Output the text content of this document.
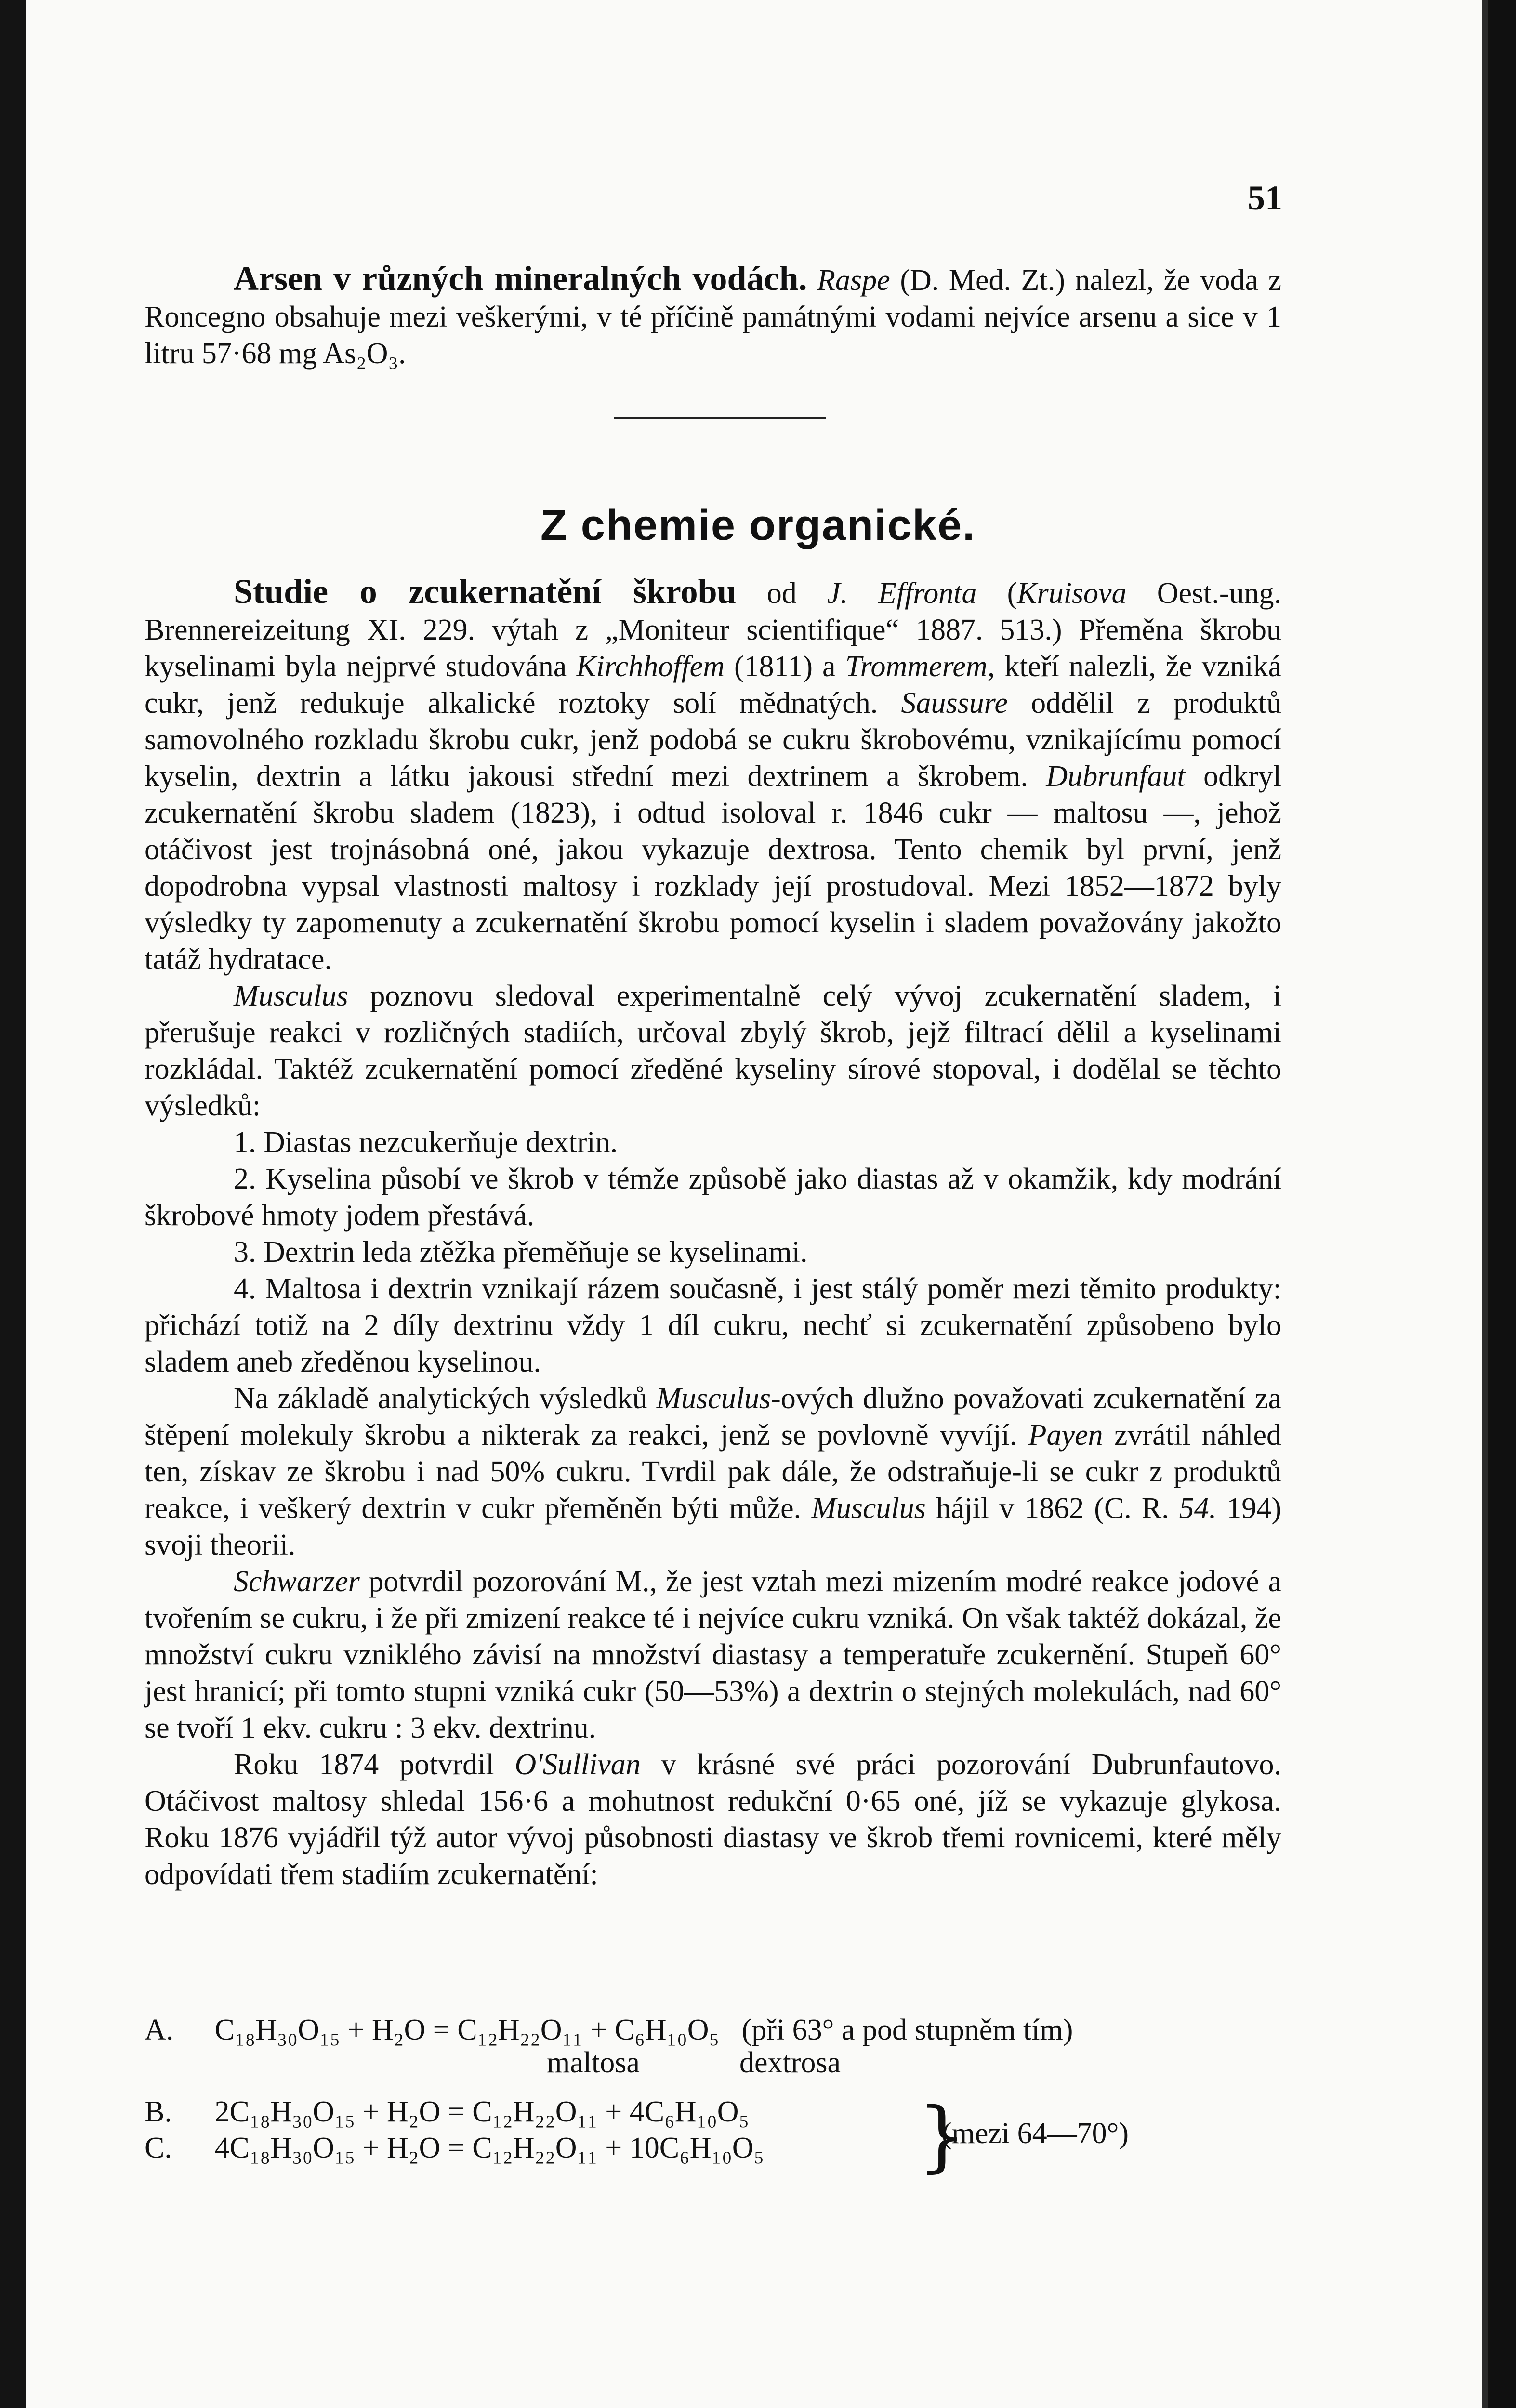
51

Arsen v různých mineralných vodách. Raspe (D. Med. Zt.) nalezl, že voda z Roncegno obsahuje mezi veškerými, v té příčině památnými vodami nejvíce arsenu a sice v 1 litru 57·68 mg As₂O₃.

Z chemie organické.

Studie o zcukernatění škrobu od J. Effronta (Kruisova Oest.-ung. Brennereizeitung XI. 229. výtah z „Moniteur scientifique“ 1887. 513.) Přeměna škrobu kyselinami byla nejprvé studována Kirchhoffem (1811) a Trommerem, kteří nalezli, že vzniká cukr, jenž redukuje alkalické roztoky solí mědnatých. Saussure oddělil z produktů samovolného rozkladu škrobu cukr, jenž podobá se cukru škrobovému, vznikajícímu pomocí kyselin, dextrin a látku jakousi střední mezi dextrinem a škrobem. Dubrunfaut odkryl zcukernatění škrobu sladem (1823), i odtud isoloval r. 1846 cukr — maltosu —, jehož otáčivost jest trojnásobná oné, jakou vykazuje dextrosa. Tento chemik byl první, jenž dopodrobna vypsal vlastnosti maltosy i rozklady její prostudoval. Mezi 1852—1872 byly výsledky ty zapomenuty a zcukernatění škrobu pomocí kyselin i sladem považovány jakožto tatáž hydratace.

Musculus poznovu sledoval experimentalně celý vývoj zcukernatění sladem, i přerušuje reakci v rozličných stadiích, určoval zbylý škrob, jejž filtrací dělil a kyselinami rozkládal. Taktéž zcukernatění pomocí zředěné kyseliny sírové stopoval, i dodělal se těchto výsledků:

1. Diastas nezcukerňuje dextrin.

2. Kyselina působí ve škrob v témže způsobě jako diastas až v okamžik, kdy modrání škrobové hmoty jodem přestává.

3. Dextrin leda ztěžka přeměňuje se kyselinami.

4. Maltosa i dextrin vznikají rázem současně, i jest stálý poměr mezi těmito produkty: přichází totiž na 2 díly dextrinu vždy 1 díl cukru, nechť si zcukernatění způsobeno bylo sladem aneb zředěnou kyselinou.

Na základě analytických výsledků Musculus-ových dlužno považovati zcukernatění za štěpení molekuly škrobu a nikterak za reakci, jenž se povlovně vyvíjí. Payen zvrátil náhled ten, získav ze škrobu i nad 50% cukru. Tvrdil pak dále, že odstraňuje-li se cukr z produktů reakce, i veškerý dextrin v cukr přeměněn býti může. Musculus hájil v 1862 (C. R. 54. 194) svoji theorii.

Schwarzer potvrdil pozorování M., že jest vztah mezi mizením modré reakce jodové a tvořením se cukru, i že při zmizení reakce té i nejvíce cukru vzniká. On však taktéž dokázal, že množství cukru vzniklého závisí na množství diastasy a temperatuře zcukernění. Stupeň 60° jest hranicí; při tomto stupni vzniká cukr (50—53%) a dextrin o stejných molekulách, nad 60° se tvoří 1 ekv. cukru : 3 ekv. dextrinu.

Roku 1874 potvrdil O'Sullivan v krásné své práci pozorování Dubrunfautovo. Otáčivost maltosy shledal 156·6 a mohutnost redukční 0·65 oné, jíž se vykazuje glykosa. Roku 1876 vyjádřil týž autor vývoj působnosti diastasy ve škrob třemi rovnicemi, které měly odpovídati třem stadiím zcukernatění:

A. C₁₈H₃₀O₁₅ + H₂O = C₁₂H₂₂O₁₁ + C₆H₁₀O₅ (při 63° a pod stupněm tím)
maltosa	dextrosa
B. 2C₁₈H₃₀O₁₅ + H₂O = C₁₂H₂₂O₁₁ + 4C₆H₁₀O₅
C. 4C₁₈H₃₀O₁₅ + H₂O = C₁₂H₂₂O₁₁ + 10C₆H₁₀O₅ }
(mezi 64—70°)
